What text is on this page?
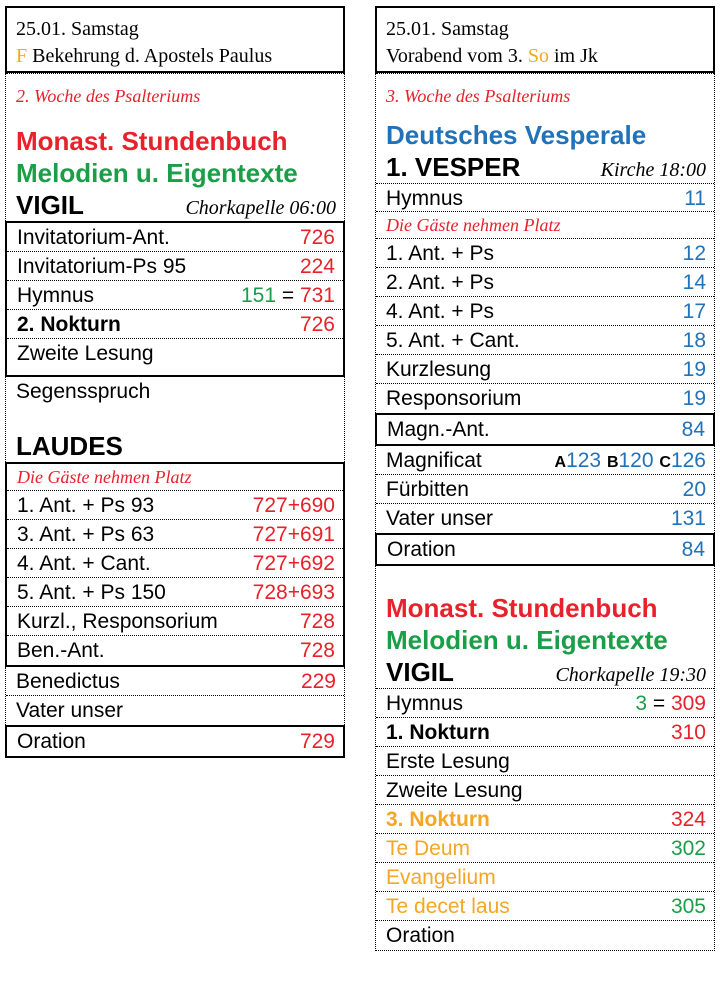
25.01. Samstag
F Bekehrung d. Apostels Paulus
2. Woche des Psalteriums
Monast. Stundenbuch
Melodien u. Eigentexte
VIGIL	Chorkapelle 06:00
Invitatorium-Ant.	726
Invitatorium-Ps 95	224
Hymnus	151 = 731
2. Nokturn	726
Zweite Lesung
Segensspruch
LAUDES
Die Gäste nehmen Platz
1. Ant. + Ps 93	727+690
3. Ant. + Ps 63	727+691
4. Ant. + Cant.	727+692
5. Ant. + Ps 150	728+693
Kurzl., Responsorium	728
Ben.-Ant.	728
Benedictus	229
Vater unser
Oration	729
25.01. Samstag
Vorabend vom 3. So im Jk
3. Woche des Psalteriums
Deutsches Vesperale
1. VESPER	Kirche 18:00
Hymnus	11
Die Gäste nehmen Platz
1. Ant. + Ps	12
2. Ant. + Ps	14
4. Ant. + Ps	17
5. Ant. + Cant.	18
Kurzlesung	19
Responsorium	19
Magn.-Ant.	84
Magnificat	A123 B120 C126
Fürbitten	20
Vater unser	131
Oration	84
Monast. Stundenbuch
Melodien u. Eigentexte
VIGIL	Chorkapelle 19:30
Hymnus	3 = 309
1. Nokturn	310
Erste Lesung
Zweite Lesung
3. Nokturn	324
Te Deum	302
Evangelium
Te decet laus	305
Oration
